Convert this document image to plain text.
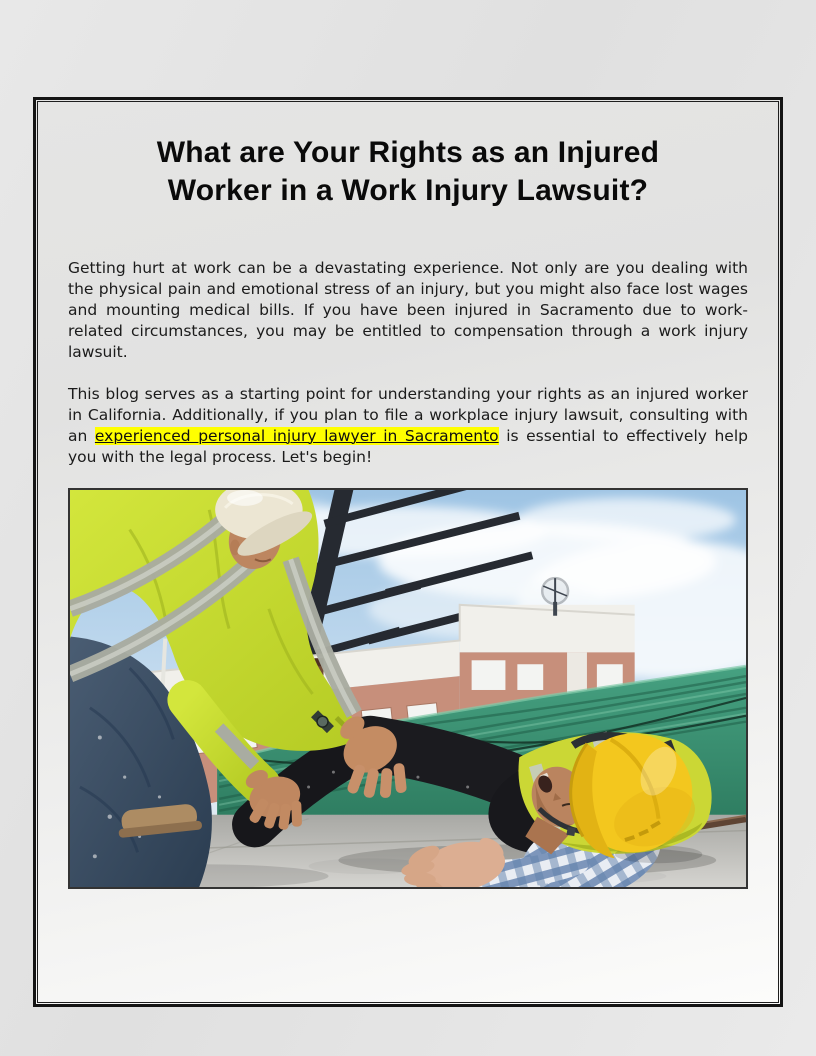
What are Your Rights as an Injured
Worker in a Work Injury Lawsuit?

Getting hurt at work can be a devastating experience. Not only are you dealing with the physical pain and emotional stress of an injury, but you might also face lost wages and mounting medical bills. If you have been injured in Sacramento due to work-related circumstances, you may be entitled to compensation through a work injury lawsuit.

This blog serves as a starting point for understanding your rights as an injured worker in California. Additionally, if you plan to file a workplace injury lawsuit, consulting with an experienced personal injury lawyer in Sacramento is essential to effectively help you with the legal process. Let's begin!
